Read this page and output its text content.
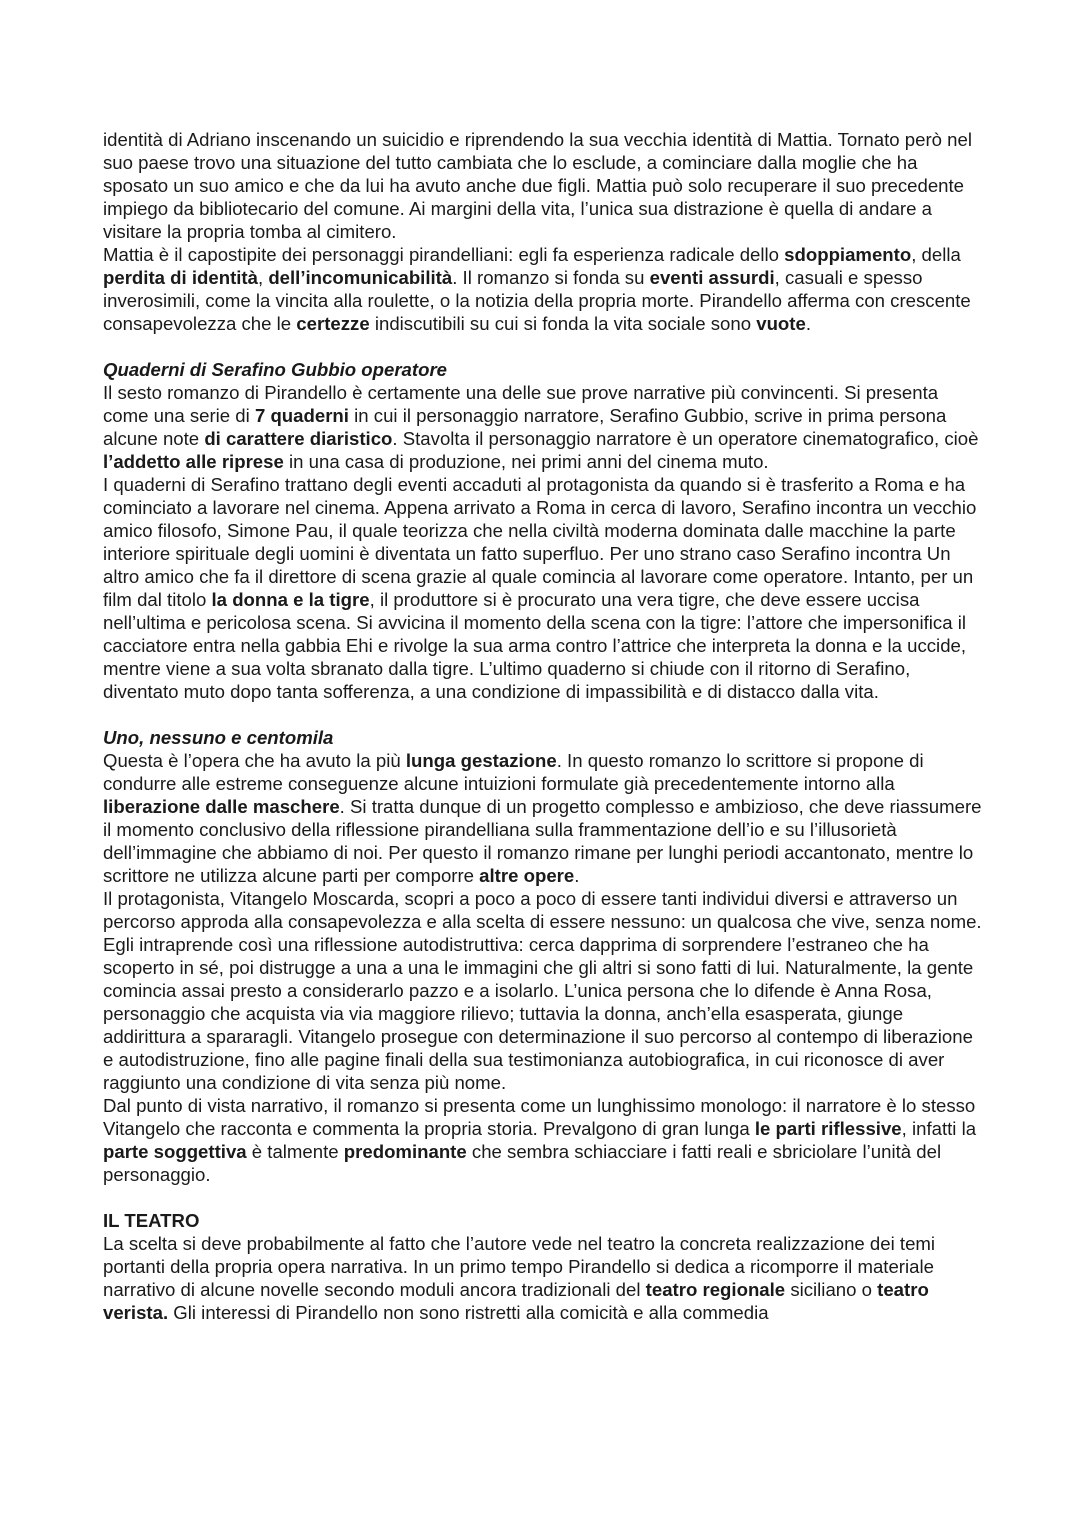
identità di Adriano inscenando un suicidio e riprendendo la sua vecchia identità di Mattia. Tornato però nel suo paese trovo una situazione del tutto cambiata che lo esclude, a cominciare dalla moglie che ha sposato un suo amico e che da lui ha avuto anche due figli. Mattia può solo recuperare il suo precedente impiego da bibliotecario del comune. Ai margini della vita, l’unica sua distrazione è quella di andare a visitare la propria tomba al cimitero.

Mattia è il capostipite dei personaggi pirandelliani: egli fa esperienza radicale dello sdoppiamento, della perdita di identità, dell’incomunicabilità. Il romanzo si fonda su eventi assurdi, casuali e spesso inverosimili, come la vincita alla roulette, o la notizia della propria morte. Pirandello afferma con crescente consapevolezza che le certezze indiscutibili su cui si fonda la vita sociale sono vuote.

Quaderni di Serafino Gubbio operatore

Il sesto romanzo di Pirandello è certamente una delle sue prove narrative più convincenti. Si presenta come una serie di 7 quaderni in cui il personaggio narratore, Serafino Gubbio, scrive in prima persona alcune note di carattere diaristico. Stavolta il personaggio narratore è un operatore cinematografico, cioè l’addetto alle riprese in una casa di produzione, nei primi anni del cinema muto.

I quaderni di Serafino trattano degli eventi accaduti al protagonista da quando si è trasferito a Roma e ha cominciato a lavorare nel cinema. Appena arrivato a Roma in cerca di lavoro, Serafino incontra un vecchio amico filosofo, Simone Pau, il quale teorizza che nella civiltà moderna dominata dalle macchine la parte interiore spirituale degli uomini è diventata un fatto superfluo. Per uno strano caso Serafino incontra Un altro amico che fa il direttore di scena grazie al quale comincia al lavorare come operatore. Intanto, per un film dal titolo la donna e la tigre, il produttore si è procurato una vera tigre, che deve essere uccisa nell’ultima e pericolosa scena. Si avvicina il momento della scena con la tigre: l’attore che impersonifica il cacciatore entra nella gabbia Ehi e rivolge la sua arma contro l’attrice che interpreta la donna e la uccide, mentre viene a sua volta sbranato dalla tigre. L’ultimo quaderno si chiude con il ritorno di Serafino, diventato muto dopo tanta sofferenza, a una condizione di impassibilità e di distacco dalla vita.

Uno, nessuno e centomila

Questa è l’opera che ha avuto la più lunga gestazione. In questo romanzo lo scrittore si propone di condurre alle estreme conseguenze alcune intuizioni formulate già precedentemente intorno alla liberazione dalle maschere. Si tratta dunque di un progetto complesso e ambizioso, che deve riassumere il momento conclusivo della riflessione pirandelliana sulla frammentazione dell’io e su l’illusorietà dell’immagine che abbiamo di noi. Per questo il romanzo rimane per lunghi periodi accantonato, mentre lo scrittore ne utilizza alcune parti per comporre altre opere.

Il protagonista, Vitangelo Moscarda, scopri a poco a poco di essere tanti individui diversi e attraverso un percorso approda alla consapevolezza e alla scelta di essere nessuno: un qualcosa che vive, senza nome. Egli intraprende così una riflessione autodistruttiva: cerca dapprima di sorprendere l’estraneo che ha scoperto in sé, poi distrugge a una a una le immagini che gli altri si sono fatti di lui. Naturalmente, la gente comincia assai presto a considerarlo pazzo e a isolarlo. L’unica persona che lo difende è Anna Rosa, personaggio che acquista via via maggiore rilievo; tuttavia la donna, anch’ella esasperata, giunge addirittura a spararagli. Vitangelo prosegue con determinazione il suo percorso al contempo di liberazione e autodistruzione, fino alle pagine finali della sua testimonianza autobiografica, in cui riconosce di aver raggiunto una condizione di vita senza più nome.

Dal punto di vista narrativo, il romanzo si presenta come un lunghissimo monologo: il narratore è lo stesso Vitangelo che racconta e commenta la propria storia. Prevalgono di gran lunga le parti riflessive, infatti la parte soggettiva è talmente predominante che sembra schiacciare i fatti reali e sbriciolare l’unità del personaggio.

IL TEATRO

La scelta si deve probabilmente al fatto che l’autore vede nel teatro la concreta realizzazione dei temi portanti della propria opera narrativa. In un primo tempo Pirandello si dedica a ricomporre il materiale narrativo di alcune novelle secondo moduli ancora tradizionali del teatro regionale siciliano o teatro verista. Gli interessi di Pirandello non sono ristretti alla comicità e alla commedia
